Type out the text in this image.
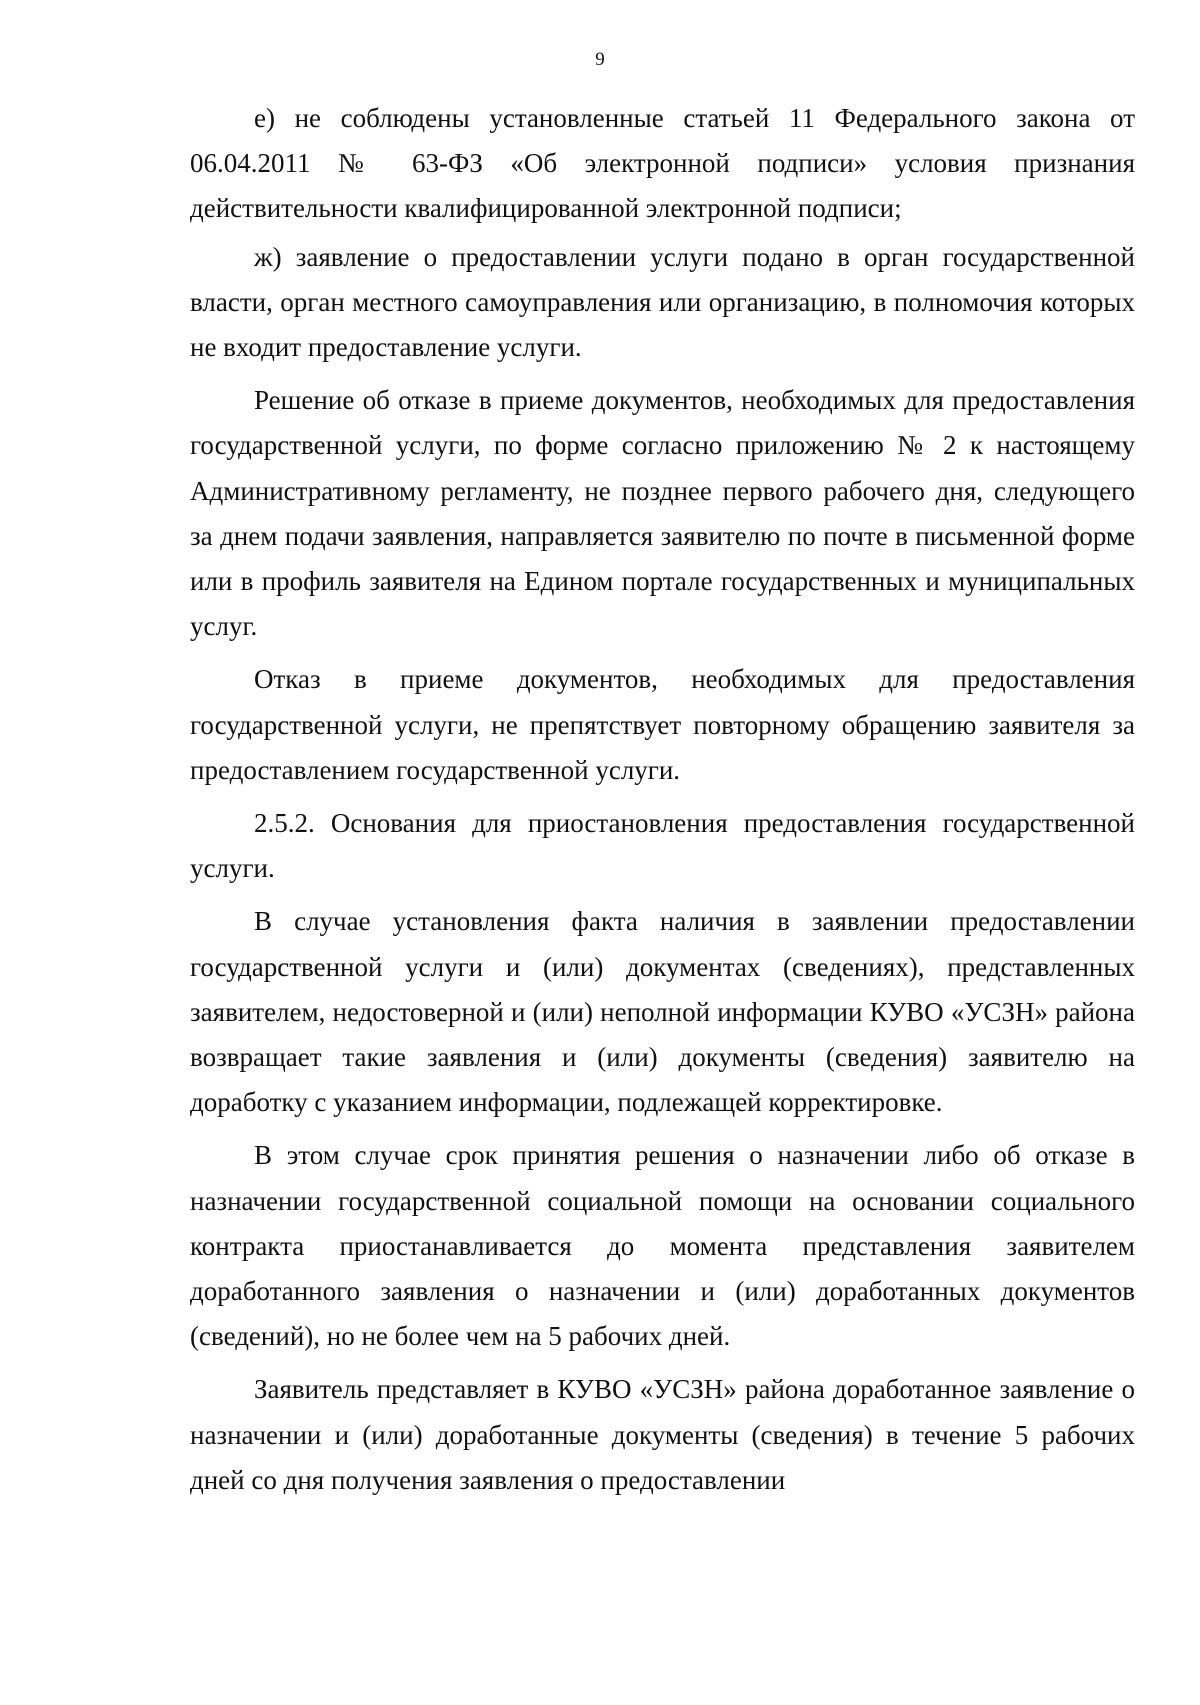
9

е) не соблюдены установленные статьей 11 Федерального закона от 06.04.2011 № 63-ФЗ «Об электронной подписи» условия признания действительности квалифицированной электронной подписи;

ж) заявление о предоставлении услуги подано в орган государственной власти, орган местного самоуправления или организацию, в полномочия которых не входит предоставление услуги.

Решение об отказе в приеме документов, необходимых для предоставления государственной услуги, по форме согласно приложению № 2 к настоящему Административному регламенту, не позднее первого рабочего дня, следующего за днем подачи заявления, направляется заявителю по почте в письменной форме или в профиль заявителя на Едином портале государственных и муниципальных услуг.

Отказ в приеме документов, необходимых для предоставления государственной услуги, не препятствует повторному обращению заявителя за предоставлением государственной услуги.

2.5.2. Основания для приостановления предоставления государственной услуги.

В случае установления факта наличия в заявлении предоставлении государственной услуги и (или) документах (сведениях), представленных заявителем, недостоверной и (или) неполной информации КУВО «УСЗН» района возвращает такие заявления и (или) документы (сведения) заявителю на доработку с указанием информации, подлежащей корректировке.

В этом случае срок принятия решения о назначении либо об отказе в назначении государственной социальной помощи на основании социального контракта приостанавливается до момента представления заявителем доработанного заявления о назначении и (или) доработанных документов (сведений), но не более чем на 5 рабочих дней.

Заявитель представляет в КУВО «УСЗН» района доработанное заявление о назначении и (или) доработанные документы (сведения) в течение 5 рабочих дней со дня получения заявления о предоставлении
